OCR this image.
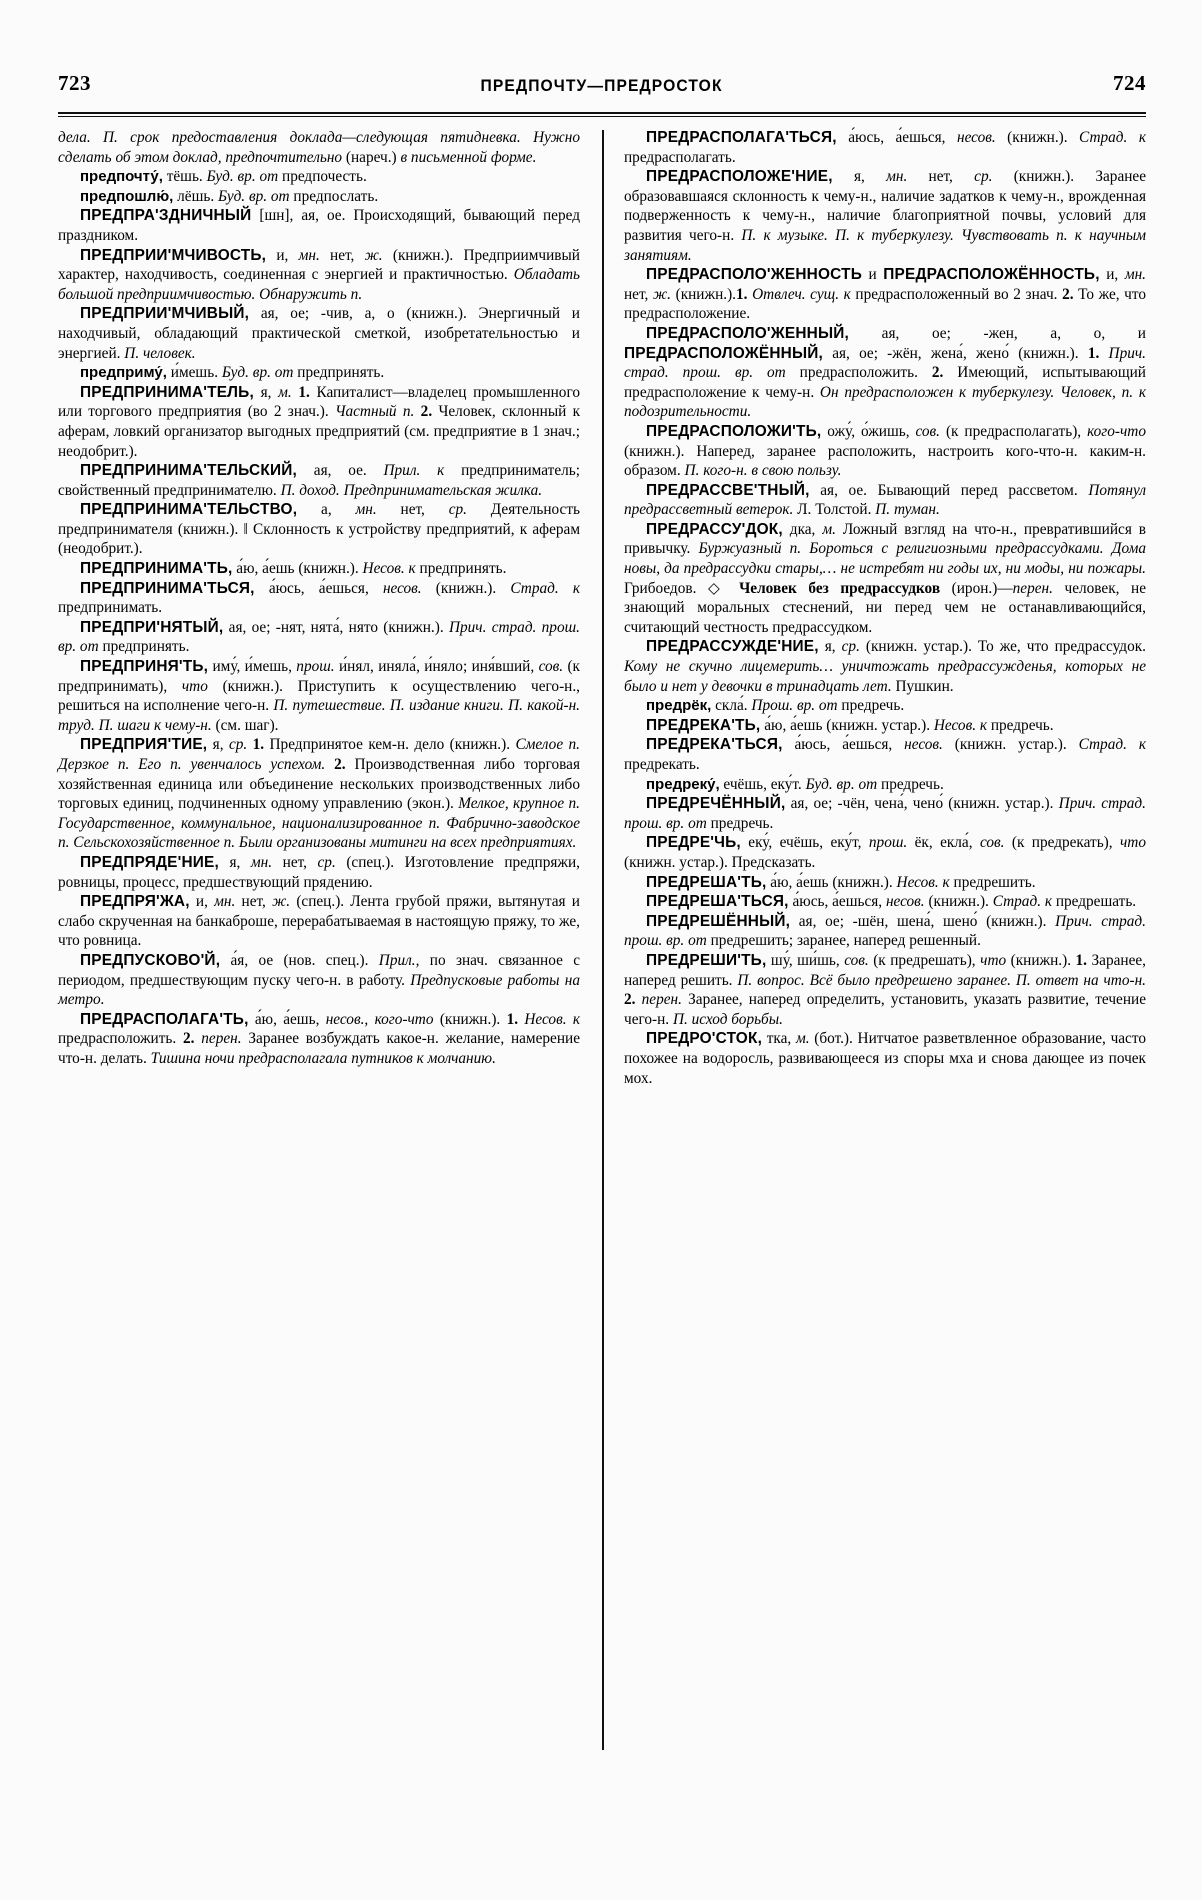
723	ПРЕДПОЧТУ—ПРЕДРОСТОК	724

дела. П. срок предоставления доклада—следующая пятидневка. Нужно сделать об этом доклад, предпочтительно (нареч.) в письменной форме.

предпочту́, тёшь. Буд. вр. от предпочесть.

предпошлю́, лёшь. Буд. вр. от предпослать.

ПРЕДПРА'ЗДНИЧНЫЙ [шн], ая, ое. Происходящий, бывающий перед праздником.

ПРЕДПРИИ'МЧИВОСТЬ, и, мн. нет, ж. (книжн.). Предприимчивый характер, находчивость, соединенная с энергией и практичностью. Обладать большой предприимчивостью. Обнаружить п.

ПРЕДПРИИ'МЧИВЫЙ, ая, ое; -чив, а, о (книжн.). Энергичный и находчивый, обладающий практической сметкой, изобретательностью и энергией. П. человек.

предприму́, и́мешь. Буд. вр. от предпринять.

ПРЕДПРИНИМА'ТЕЛЬ, я, м. 1. Капиталист—владелец промышленного или торгового предприятия (во 2 знач.). Частный п. 2. Человек, склонный к аферам, ловкий организатор выгодных предприятий (см. предприятие в 1 знач.; неодобрит.).

ПРЕДПРИНИМА'ТЕЛЬСКИЙ, ая, ое. Прил. к предприниматель; свойственный предпринимателю. П. доход. Предпринимательская жилка.

ПРЕДПРИНИМА'ТЕЛЬСТВО, а, мн. нет, ср. Деятельность предпринимателя (книжн.). ‖ Склонность к устройству предприятий, к аферам (неодобрит.).

ПРЕДПРИНИМА'ТЬ, а́ю, а́ешь (книжн.). Несов. к предпринять.

ПРЕДПРИНИМА'ТЬСЯ, а́юсь, а́ешься, несов. (книжн.). Страд. к предпринимать.

ПРЕДПРИ'НЯТЫЙ, ая, ое; -нят, нята́, нято (книжн.). Прич. страд. прош. вр. от предпринять.

ПРЕДПРИНЯ'ТЬ, иму́, и́мешь, прош. и́нял, иняла́, и́няло; иня́вший, сов. (к предпринимать), что (книжн.). Приступить к осуществлению чего-н., решиться на исполнение чего-н. П. путешествие. П. издание книги. П. какой-н. труд. П. шаги к чему-н. (см. шаг).

ПРЕДПРИЯ'ТИЕ, я, ср. 1. Предпринятое кем-н. дело (книжн.). Смелое п. Дерзкое п. Его п. увенчалось успехом. 2. Производственная либо торговая хозяйственная единица или объединение нескольких производственных либо торговых единиц, подчиненных одному управлению (экон.). Мелкое, крупное п. Государственное, коммунальное, национализированное п. Фабрично-заводское п. Сельскохозяйственное п. Были организованы митинги на всех предприятиях.

ПРЕДПРЯДЕ'НИЕ, я, мн. нет, ср. (спец.). Изготовление предпряжи, ровницы, процесс, предшествующий прядению.

ПРЕДПРЯ'ЖА, и, мн. нет, ж. (спец.). Лента грубой пряжи, вытянутая и слабо скрученная на банкаброше, перерабатываемая в настоящую пряжу, то же, что ровница.

ПРЕДПУСКОВО'Й, а́я, ое (нов. спец.). Прил., по знач. связанное с периодом, предшествующим пуску чего-н. в работу. Предпусковые работы на метро.

ПРЕДРАСПОЛАГА'ТЬ, а́ю, а́ешь, несов., кого-что (книжн.). 1. Несов. к предрасположить. 2. перен. Заранее возбуждать какое-н. желание, намерение что-н. делать. Тишина ночи предрасполагала путников к молчанию.

ПРЕДРАСПОЛАГА'ТЬСЯ, а́юсь, а́ешься, несов. (книжн.). Страд. к предрасполагать.

ПРЕДРАСПОЛОЖЕ'НИЕ, я, мн. нет, ср. (книжн.). Заранее образовавшаяся склонность к чему-н., наличие задатков к чему-н., врожденная подверженность к чему-н., наличие благоприятной почвы, условий для развития чего-н. П. к музыке. П. к туберкулезу. Чувствовать п. к научным занятиям.

ПРЕДРАСПОЛО'ЖЕННОСТЬ и ПРЕДРАСПОЛОЖЁННОСТЬ, и, мн. нет, ж. (книжн.).1. Отвлеч. сущ. к предрасположенный во 2 знач. 2. То же, что предрасположение.

ПРЕДРАСПОЛО'ЖЕННЫЙ, ая, ое; -жен, а, о, и ПРЕДРАСПОЛОЖЁННЫЙ, ая, ое; -жён, жена́, жено́ (книжн.). 1. Прич. страд. прош. вр. от предрасположить. 2. Имеющий, испытывающий предрасположение к чему-н. Он предрасположен к туберкулезу. Человек, п. к подозрительности.

ПРЕДРАСПОЛОЖИ'ТЬ, ожу́, о́жишь, сов. (к предрасполагать), кого-что (книжн.). Наперед, заранее расположить, настроить кого-что-н. каким-н. образом. П. кого-н. в свою пользу.

ПРЕДРАССВЕ'ТНЫЙ, ая, ое. Бывающий перед рассветом. Потянул предрассветный ветерок. Л. Толстой. П. туман.

ПРЕДРАССУ'ДОК, дка, м. Ложный взгляд на что-н., превратившийся в привычку. Буржуазный п. Бороться с религиозными предрассудками. Дома новы, да предрассудки стары,… не истребят ни годы их, ни моды, ни пожары. Грибоедов. ◇ Человек без предрассудков (ирон.)—перен. человек, не знающий моральных стеснений, ни перед чем не останавливающийся, считающий честность предрассудком.

ПРЕДРАССУЖДЕ'НИЕ, я, ср. (книжн. устар.). То же, что предрассудок. Кому не скучно лицемерить… уничтожать предрассужденья, которых не было и нет у девочки в тринадцать лет. Пушкин.

предрёк, скла́. Прош. вр. от предречь.

ПРЕДРЕКА'ТЬ, а́ю, а́ешь (книжн. устар.). Несов. к предречь.

ПРЕДРЕКА'ТЬСЯ, а́юсь, а́ешься, несов. (книжн. устар.). Страд. к предрекать.

предреку́, ечёшь, еку́т. Буд. вр. от предречь.

ПРЕДРЕЧЁННЫЙ, ая, ое; -чён, чена́, чено́ (книжн. устар.). Прич. страд. прош. вр. от предречь.

ПРЕДРЕ'ЧЬ, еку́, ечёшь, еку́т, прош. ёк, екла́, сов. (к предрекать), что (книжн. устар.). Предсказать.

ПРЕДРЕША'ТЬ, а́ю, а́ешь (книжн.). Несов. к предрешить.

ПРЕДРЕША'ТЬСЯ, а́юсь, а́ешься, несов. (книжн.). Страд. к предрешать.

ПРЕДРЕШЁННЫЙ, ая, ое; -шён, шена́, шено́ (книжн.). Прич. страд. прош. вр. от предрешить; заранее, наперед решенный.

ПРЕДРЕШИ'ТЬ, шу́, ши́шь, сов. (к предрешать), что (книжн.). 1. Заранее, наперед решить. П. вопрос. Всё было предрешено заранее. П. ответ на что-н. 2. перен. Заранее, наперед определить, установить, указать развитие, течение чего-н. П. исход борьбы.

ПРЕДРО'СТОК, тка, м. (бот.). Нитчатое разветвленное образование, часто похожее на водоросль, развивающееся из споры мха и снова дающее из почек мох.
